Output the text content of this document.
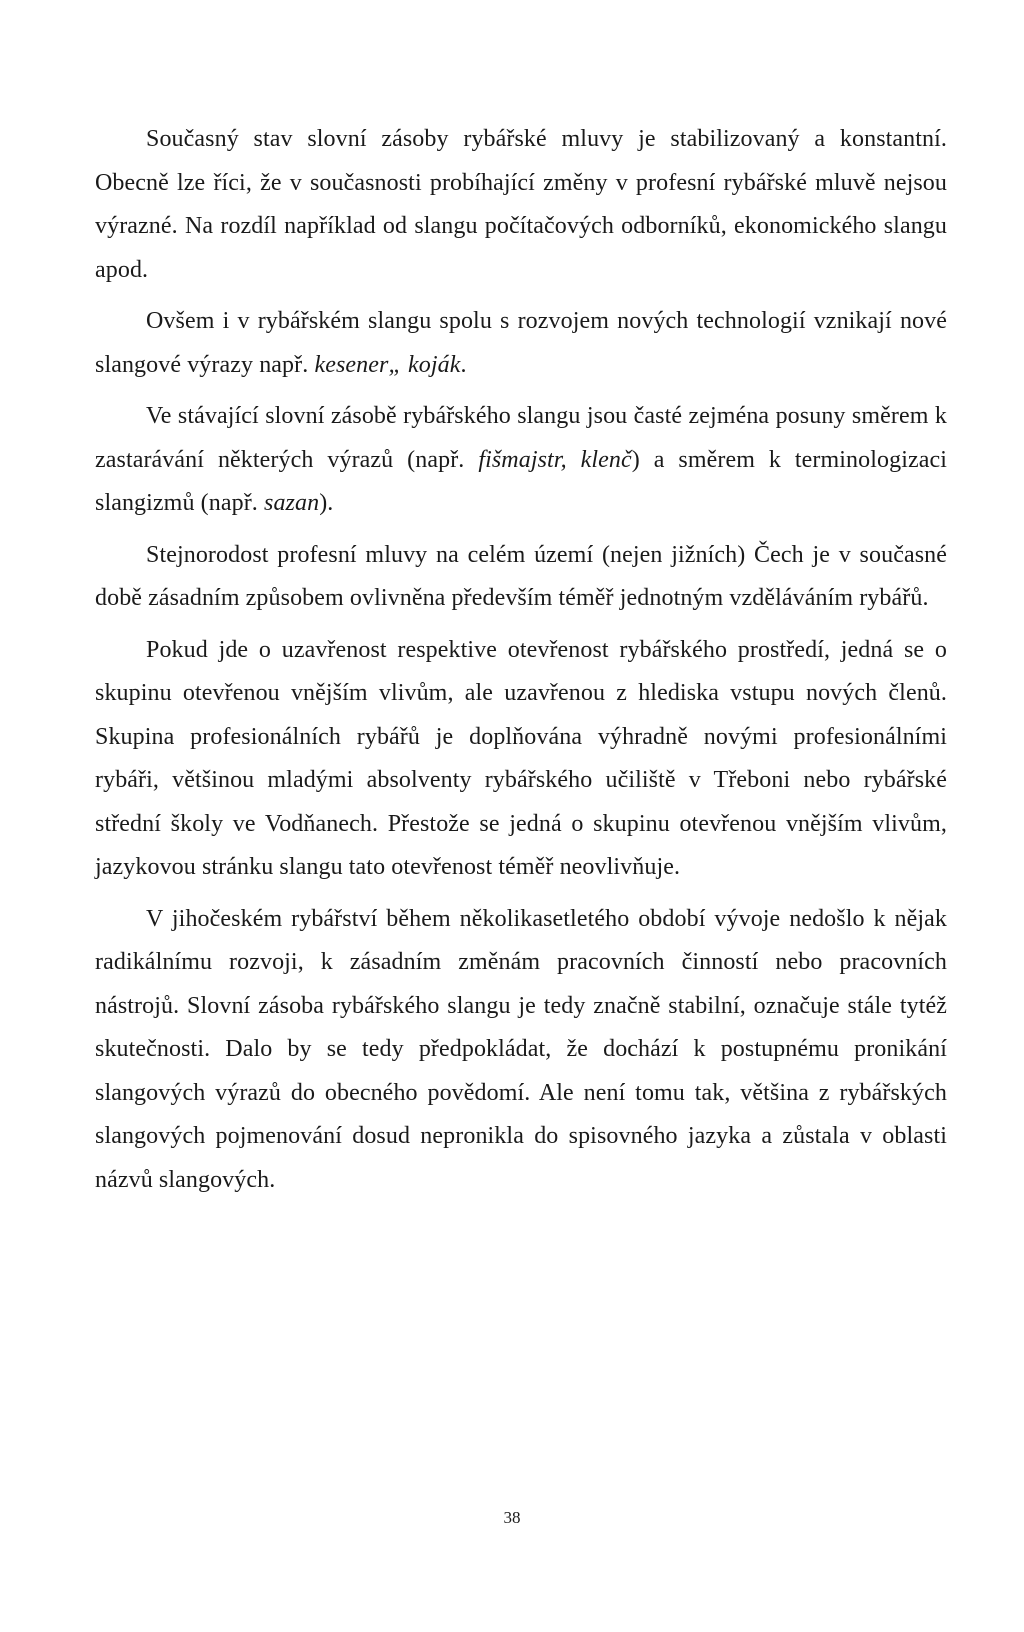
Současný stav slovní zásoby rybářské mluvy je stabilizovaný a konstantní. Obecně lze říci, že v současnosti probíhající změny v profesní rybářské mluvě nejsou výrazné. Na rozdíl například od slangu počítačových odborníků, ekonomického slangu apod.

Ovšem i v rybářském slangu spolu s rozvojem nových technologií vznikají nové slangové výrazy např. kesener„ koják.

Ve stávající slovní zásobě rybářského slangu jsou časté zejména posuny směrem k zastarávání některých výrazů (např. fišmajstr, klenč) a směrem k terminologizaci slangizmů (např. sazan).

Stejnorodost profesní mluvy na celém území (nejen jižních) Čech je v současné době zásadním způsobem ovlivněna především téměř jednotným vzděláváním rybářů.

Pokud jde o uzavřenost respektive otevřenost rybářského prostředí, jedná se o skupinu otevřenou vnějším vlivům, ale uzavřenou z hlediska vstupu nových členů. Skupina profesionálních rybářů je doplňována výhradně novými profesionálními rybáři, většinou mladými absolventy rybářského učiliště v Třeboni nebo rybářské střední školy ve Vodňanech. Přestože se jedná o skupinu otevřenou vnějším vlivům, jazykovou stránku slangu tato otevřenost téměř neovlivňuje.

V jihočeském rybářství během několikasetletého období vývoje nedošlo k nějak radikálnímu rozvoji, k zásadním změnám pracovních činností nebo pracovních nástrojů. Slovní zásoba rybářského slangu je tedy značně stabilní, označuje stále tytéž skutečnosti. Dalo by se tedy předpokládat, že dochází k postupnému pronikání slangových výrazů do obecného povědomí. Ale není tomu tak, většina z rybářských slangových pojmenování dosud nepronikla do spisovného jazyka a zůstala v oblasti názvů slangových.

38
